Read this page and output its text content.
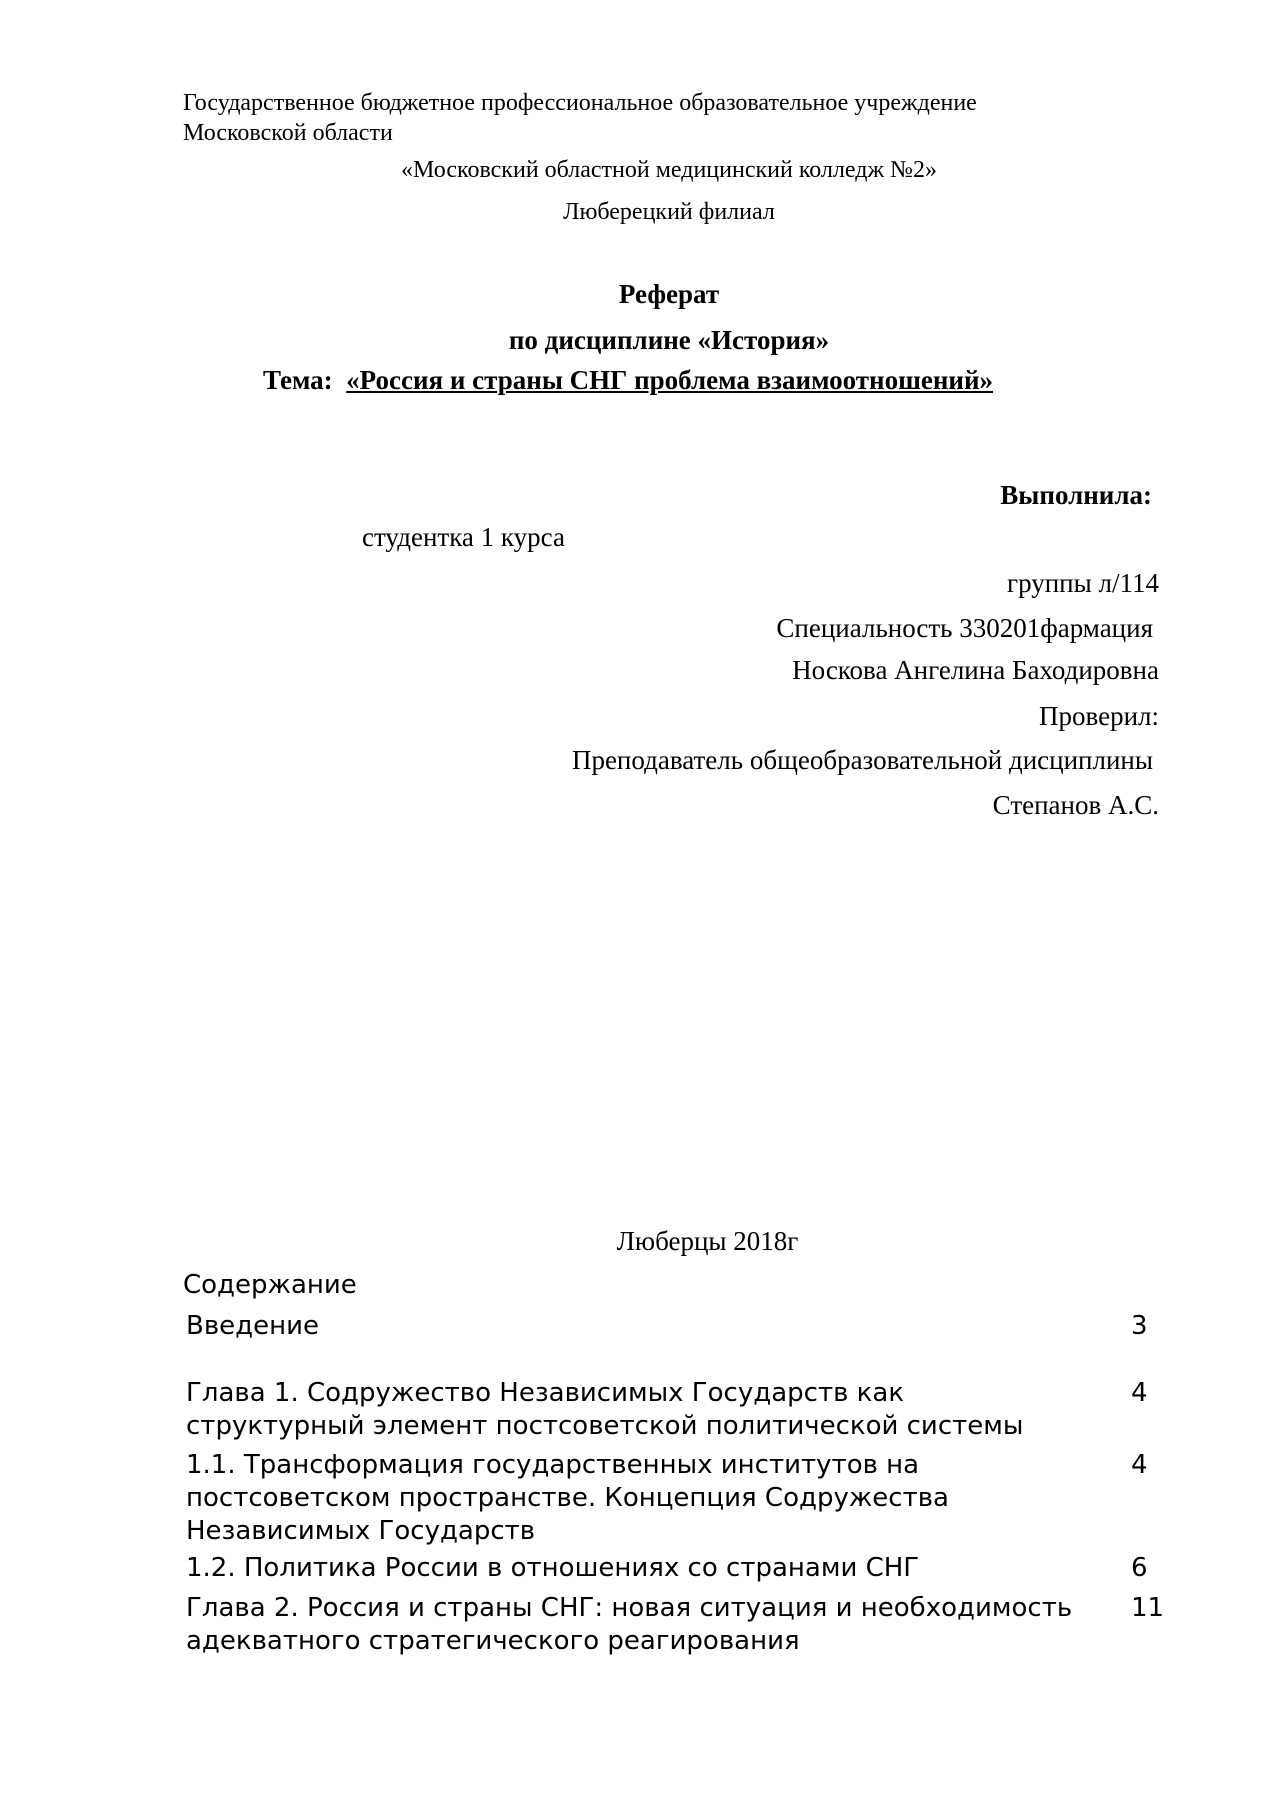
Государственное бюджетное профессиональное образовательное учреждение
Московской области
«Московский областной медицинский колледж №2»
Люберецкий филиал
Реферат
по дисциплине «История»
Тема: «Россия и страны СНГ проблема взаимоотношений»
Выполнила:
студентка 1 курса
группы л/114
Специальность 330201фармация
Носкова Ангелина Баходировна
Проверил:
Преподаватель общеобразовательной дисциплины
Степанов А.С.
Люберцы 2018г
Содержание
Введение	3
Глава 1. Содружество Независимых Государств как структурный элемент постсоветской политической системы
4
1.1. Трансформация государственных институтов на постсоветском пространстве. Концепция Содружества Независимых Государств
4
1.2. Политика России в отношениях со странами СНГ	6
Глава 2. Россия и страны СНГ: новая ситуация и необходимость адекватного стратегического реагирования
11
